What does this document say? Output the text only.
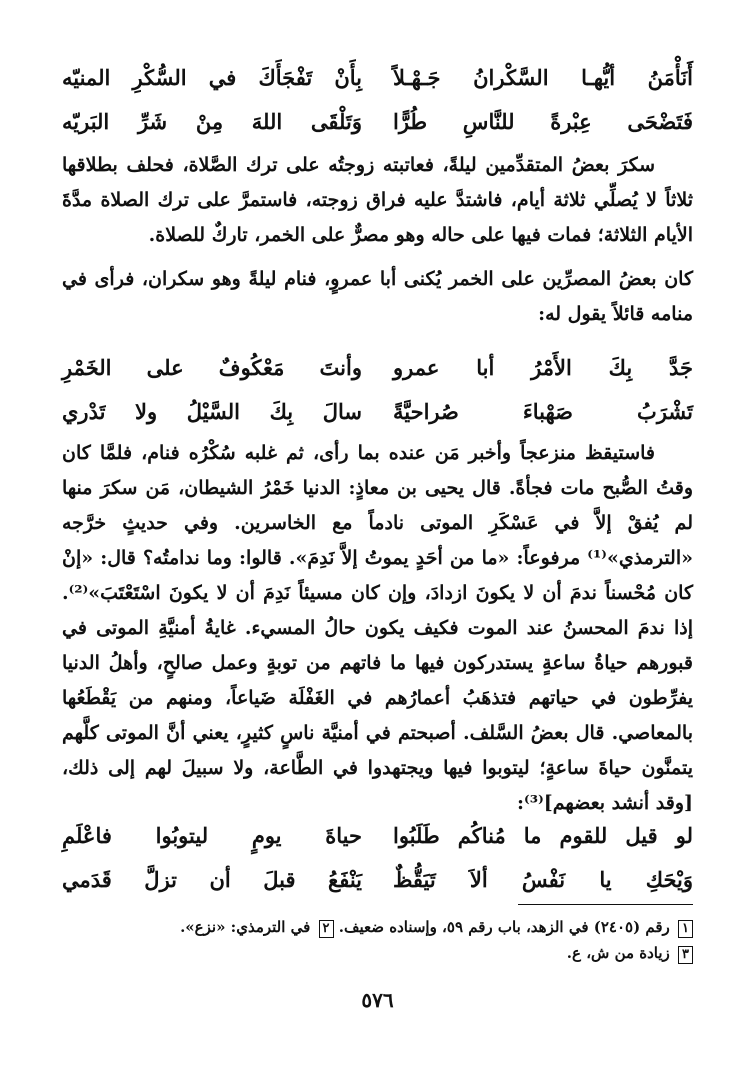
أَنَأْمَنُ أيُّهـا السَّكْرانُ جَـهْـلاً
بِأَنْ تَفْجَأَكَ في السُّكْرِ المنيّه
فَتَضْحَى عِبْرةً للنَّاسِ طُرًّا
وَتَلْقَى اللهَ مِنْ شَرِّ البَريّه

سكرَ بعضُ المتقدِّمين ليلةً، فعاتبته زوجتُه على ترك الصَّلاة، فحلف بطلاقها ثلاثاً لا يُصلِّي ثلاثة أيام، فاشتدَّ عليه فراق زوجته، فاستمرَّ على ترك الصلاة مدَّةَ الأيام الثلاثة؛ فمات فيها على حاله وهو مصرٌّ على الخمر، تاركٌ للصلاة.

كان بعضُ المصرِّين على الخمر يُكنى أبا عمروٍ، فنام ليلةً وهو سكران، فرأى في منامه قائلاً يقول له:

جَدَّ بِكَ الأَمْرُ أبا عمرو
وأنتَ مَعْكُوفٌ على الخَمْرِ
تَشْرَبُ صَهْباءَ صُراحيَّةً
سالَ بِكَ السَّيْلُ ولا تَدْري

فاستيقظ منزعجاً وأخبر مَن عنده بما رأى، ثم غلبه سُكْرُه فنام، فلمَّا كان وقتُ الصُّبح مات فجأةً. قال يحيى بن معاذٍ: الدنيا خَمْرُ الشيطان، مَن سكرَ منها لم يُفقْ إلاَّ في عَسْكَرِ الموتى نادماً مع الخاسرين. وفي حديثٍ خرَّجه «الترمذي»⁽¹⁾ مرفوعاً: «ما من أحَدٍ يموتُ إلاَّ نَدِمَ». قالوا: وما ندامتُه؟ قال: «إنْ كان مُحْسناً ندمَ أن لا يكونَ ازدادَ، وإن كان مسيئاً نَدِمَ أن لا يكونَ اسْتَعْتَبَ»⁽²⁾. إذا ندمَ المحسنُ عند الموت فكيف يكون حالُ المسيء. غايةُ أمنيَّةِ الموتى في قبورهم حياةُ ساعةٍ يستدركون فيها ما فاتهم من توبةٍ وعمل صالحٍ، وأهلُ الدنيا يفرِّطون في حياتهم فتذهَبُ أعمارُهم في الغَفْلَة ضَياعاً، ومنهم من يَقْطَعُها بالمعاصي. قال بعضُ السَّلف. أصبحتم في أمنيَّة ناسٍ كثيرٍ، يعني أنَّ الموتى كلَّهم يتمنَّون حياةَ ساعةٍ؛ ليتوبوا فيها ويجتهدوا في الطَّاعة، ولا سبيلَ لهم إلى ذلك، [وقد أنشد بعضهم]⁽³⁾:

لو قيل للقوم ما مُناكُم طَلَبُوا
حياةَ يومٍ ليتوبُوا فاعْلَمِ
وَيْحَكِ يا نَفْسُ ألاَ تَيَقُّظٌ
يَنْفَعُ قبلَ أن تزلَّ قَدَمي
١ رقم (٢٤٠٥) في الزهد، باب رقم ٥٩، وإسناده ضعيف. ٢ في الترمذي: «نزع».
٣ زيادة من ش، ع.
٥٧٦
